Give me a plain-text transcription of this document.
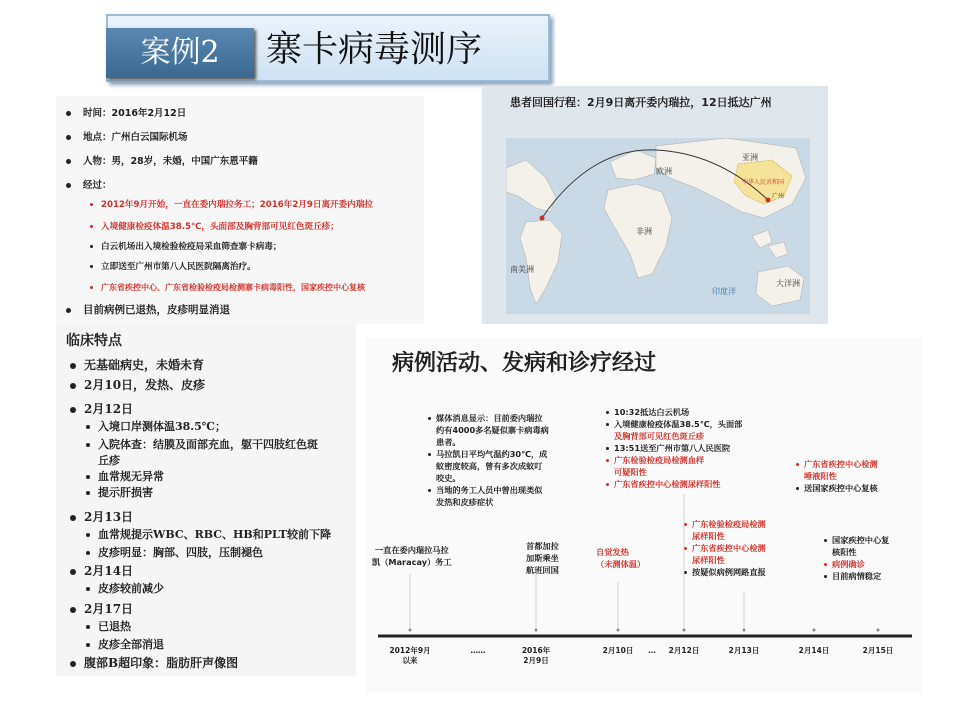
案例2	寨卡病毒测序
时间：2016年2月12日
地点：广州白云国际机场
人物：男，28岁，未婚，中国广东恩平籍
经过：
2012年9月开始，一直在委内瑞拉务工；2016年2月9日离开委内瑞拉
入境健康检疫体温38.5℃，头面部及胸背部可见红色斑丘疹；
白云机场出入境检验检疫局采血筛查寨卡病毒；
立即送至广州市第八人民医院隔离治疗。
广东省疾控中心、广东省检验检疫局检测寨卡病毒阳性，国家疾控中心复核
目前病例已退热，皮疹明显消退
患者回国行程：2月9日离开委内瑞拉，12日抵达广州
亚洲
欧洲
非洲
南美洲
印度洋
大洋洲
中华人民共和国
广州
临床特点
无基础病史，未婚未育
2月10日，发热、皮疹
2月12日
入境口岸测体温38.5℃；
入院体查：结膜及面部充血，躯干四肢红色斑
丘疹
血常规无异常
提示肝损害
2月13日
血常规提示WBC、RBC、HB和PLT较前下降
皮疹明显：胸部、四肢，压制褪色
2月14日
皮疹较前减少
2月17日
已退热
皮疹全部消退
腹部B超印象：脂肪肝声像图
病例活动、发病和诊疗经过
媒体消息显示：目前委内瑞拉
约有4000多名疑似寨卡病毒病
患者。
马拉凯日平均气温约30℃，成
蚊密度较高，曾有多次成蚊叮
咬史。
当地的务工人员中曾出现类似
发热和皮疹症状
10:32抵达白云机场
入境健康检疫体温38.5℃，头面部
及胸背部可见红色斑丘疹
13:51送至广州市第八人民医院
广东检验检疫局检测血样
可疑阳性
广东省疾控中心检测尿样阳性
广东省疾控中心检测
唾液阳性
送国家疾控中心复核
一直在委内瑞拉马拉
凯（Maracay）务工
首都加拉
加斯乘坐
航班回国
自觉发热
（未测体温）
广东检验检疫局检测
尿样阳性
广东省疾控中心检测
尿样阳性
按疑似病例网路直报
国家疾控中心复
核阳性
病例确诊
目前病情稳定
2012年9月
以来
……	2016年
2月9日
2月10日	…	2月12日	2月13日	2月14日	2月15日
